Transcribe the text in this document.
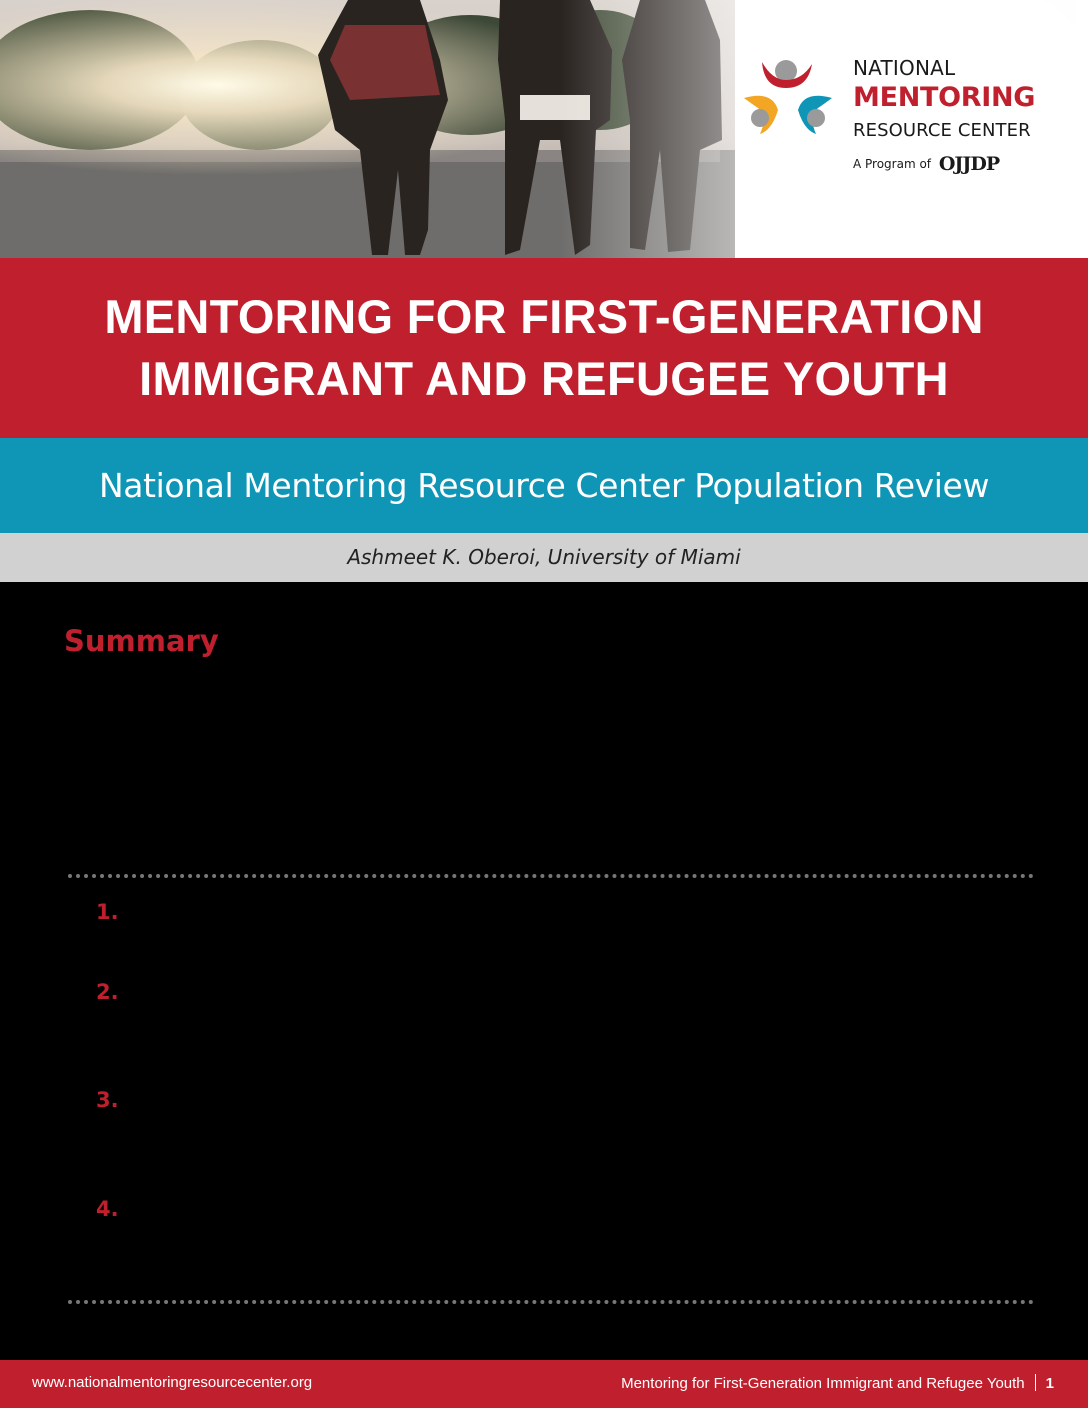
NATIONAL
MENTORING
RESOURCE CENTER
A Program of OJJDP
MENTORING FOR FIRST-GENERATION
IMMIGRANT AND REFUGEE YOUTH
National Mentoring Resource Center Population Review
Ashmeet K. Oberoi, University of Miami
Summary
1.
2.
3.
4.
www.nationalmentoringresourcecenter.org	Mentoring for First-Generation Immigrant and Refugee Youth 1
